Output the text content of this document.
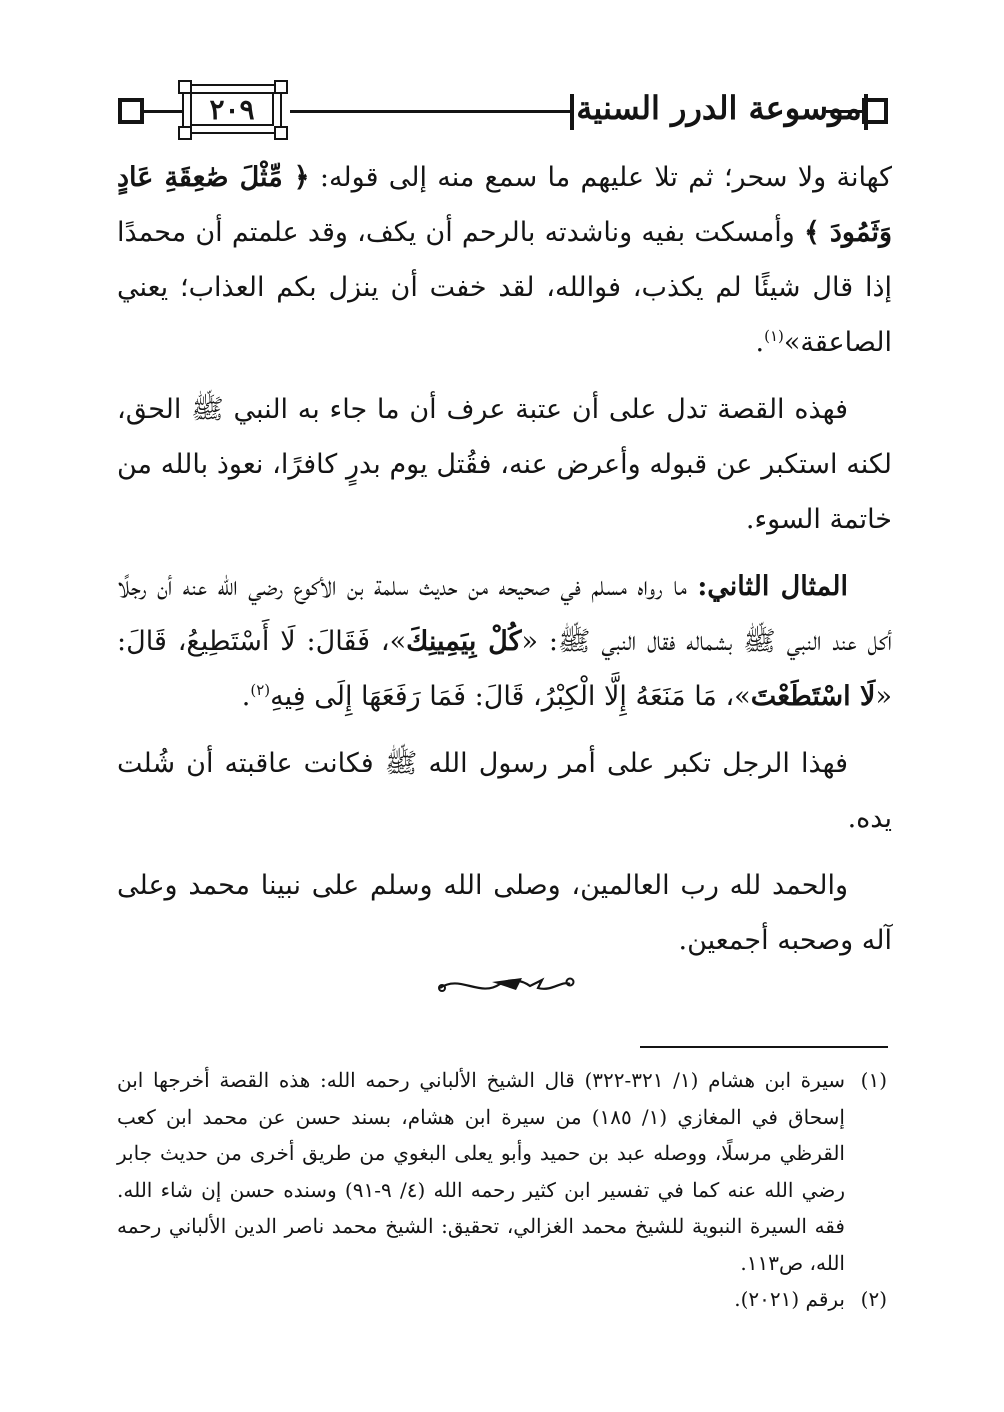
موسوعة الدرر السنية
٢٠٩

كهانة ولا سحر؛ ثم تلا عليهم ما سمع منه إلى قوله: ﴿ مِّثْلَ صَٰعِقَةِ عَادٍ وَثَمُودَ ﴾ وأمسكت بفيه وناشدته بالرحم أن يكف، وقد علمتم أن محمدًا إذا قال شيئًا لم يكذب، فوالله، لقد خفت أن ينزل بكم العذاب؛ يعني الصاعقة»$^{(١)}$.

فهذه القصة تدل على أن عتبة عرف أن ما جاء به النبي ﷺ الحق، لكنه استكبر عن قبوله وأعرض عنه، فقُتل يوم بدرٍ كافرًا، نعوذ بالله من خاتمة السوء.

المثال الثاني: ما رواه مسلم في صحيحه من حديث سلمة بن الأكوع رضي الله عنه أن رجلًا أكل عند النبي ﷺ بشماله فقال النبي ﷺ: «كُلْ بِيَمِينِكَ»، فَقَالَ: لَا أَسْتَطِيعُ، قَالَ: «لَا اسْتَطَعْتَ»، مَا مَنَعَهُ إِلَّا الْكِبْرُ، قَالَ: فَمَا رَفَعَهَا إِلَى فِيهِ$^{(٢)}$.

فهذا الرجل تكبر على أمر رسول الله ﷺ فكانت عاقبته أن شُلت يده.

والحمد لله رب العالمين، وصلى الله وسلم على نبينا محمد وعلى آله وصحبه أجمعين.

(١)
سيرة ابن هشام (١/ ٣٢١-٣٢٢) قال الشيخ الألباني رحمه الله: هذه القصة أخرجها ابن إسحاق في المغازي (١/ ١٨٥) من سيرة ابن هشام، بسند حسن عن محمد ابن كعب القرظي مرسلًا، ووصله عبد بن حميد وأبو يعلى البغوي من طريق أخرى من حديث جابر رضي الله عنه كما في تفسير ابن كثير رحمه الله (٤/ ٩-٩١) وسنده حسن إن شاء الله. فقه السيرة النبوية للشيخ محمد الغزالي، تحقيق: الشيخ محمد ناصر الدين الألباني رحمه الله، ص١١٣.

(٢)
برقم (٢٠٢١).
